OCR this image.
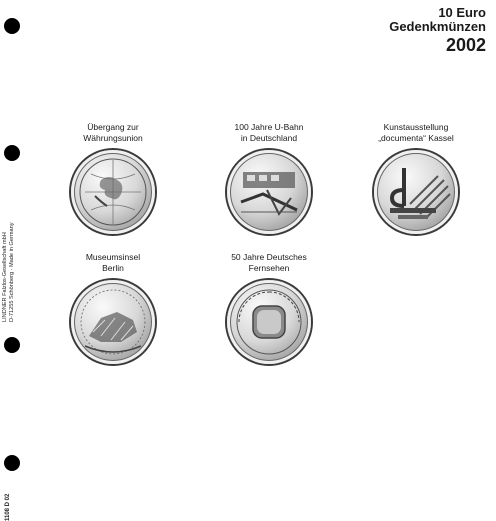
10 Euro
Gedenkmünzen
2002
LINDNER Falzlos-Gesellschaft mbH D-71255 Schönberg · Made in Germany
1108 D 02
Übergang zur
Währungsunion
100 Jahre U-Bahn
in Deutschland
Kunstausstellung
„documenta“ Kassel
Museumsinsel
Berlin
50 Jahre Deutsches
Fernsehen
